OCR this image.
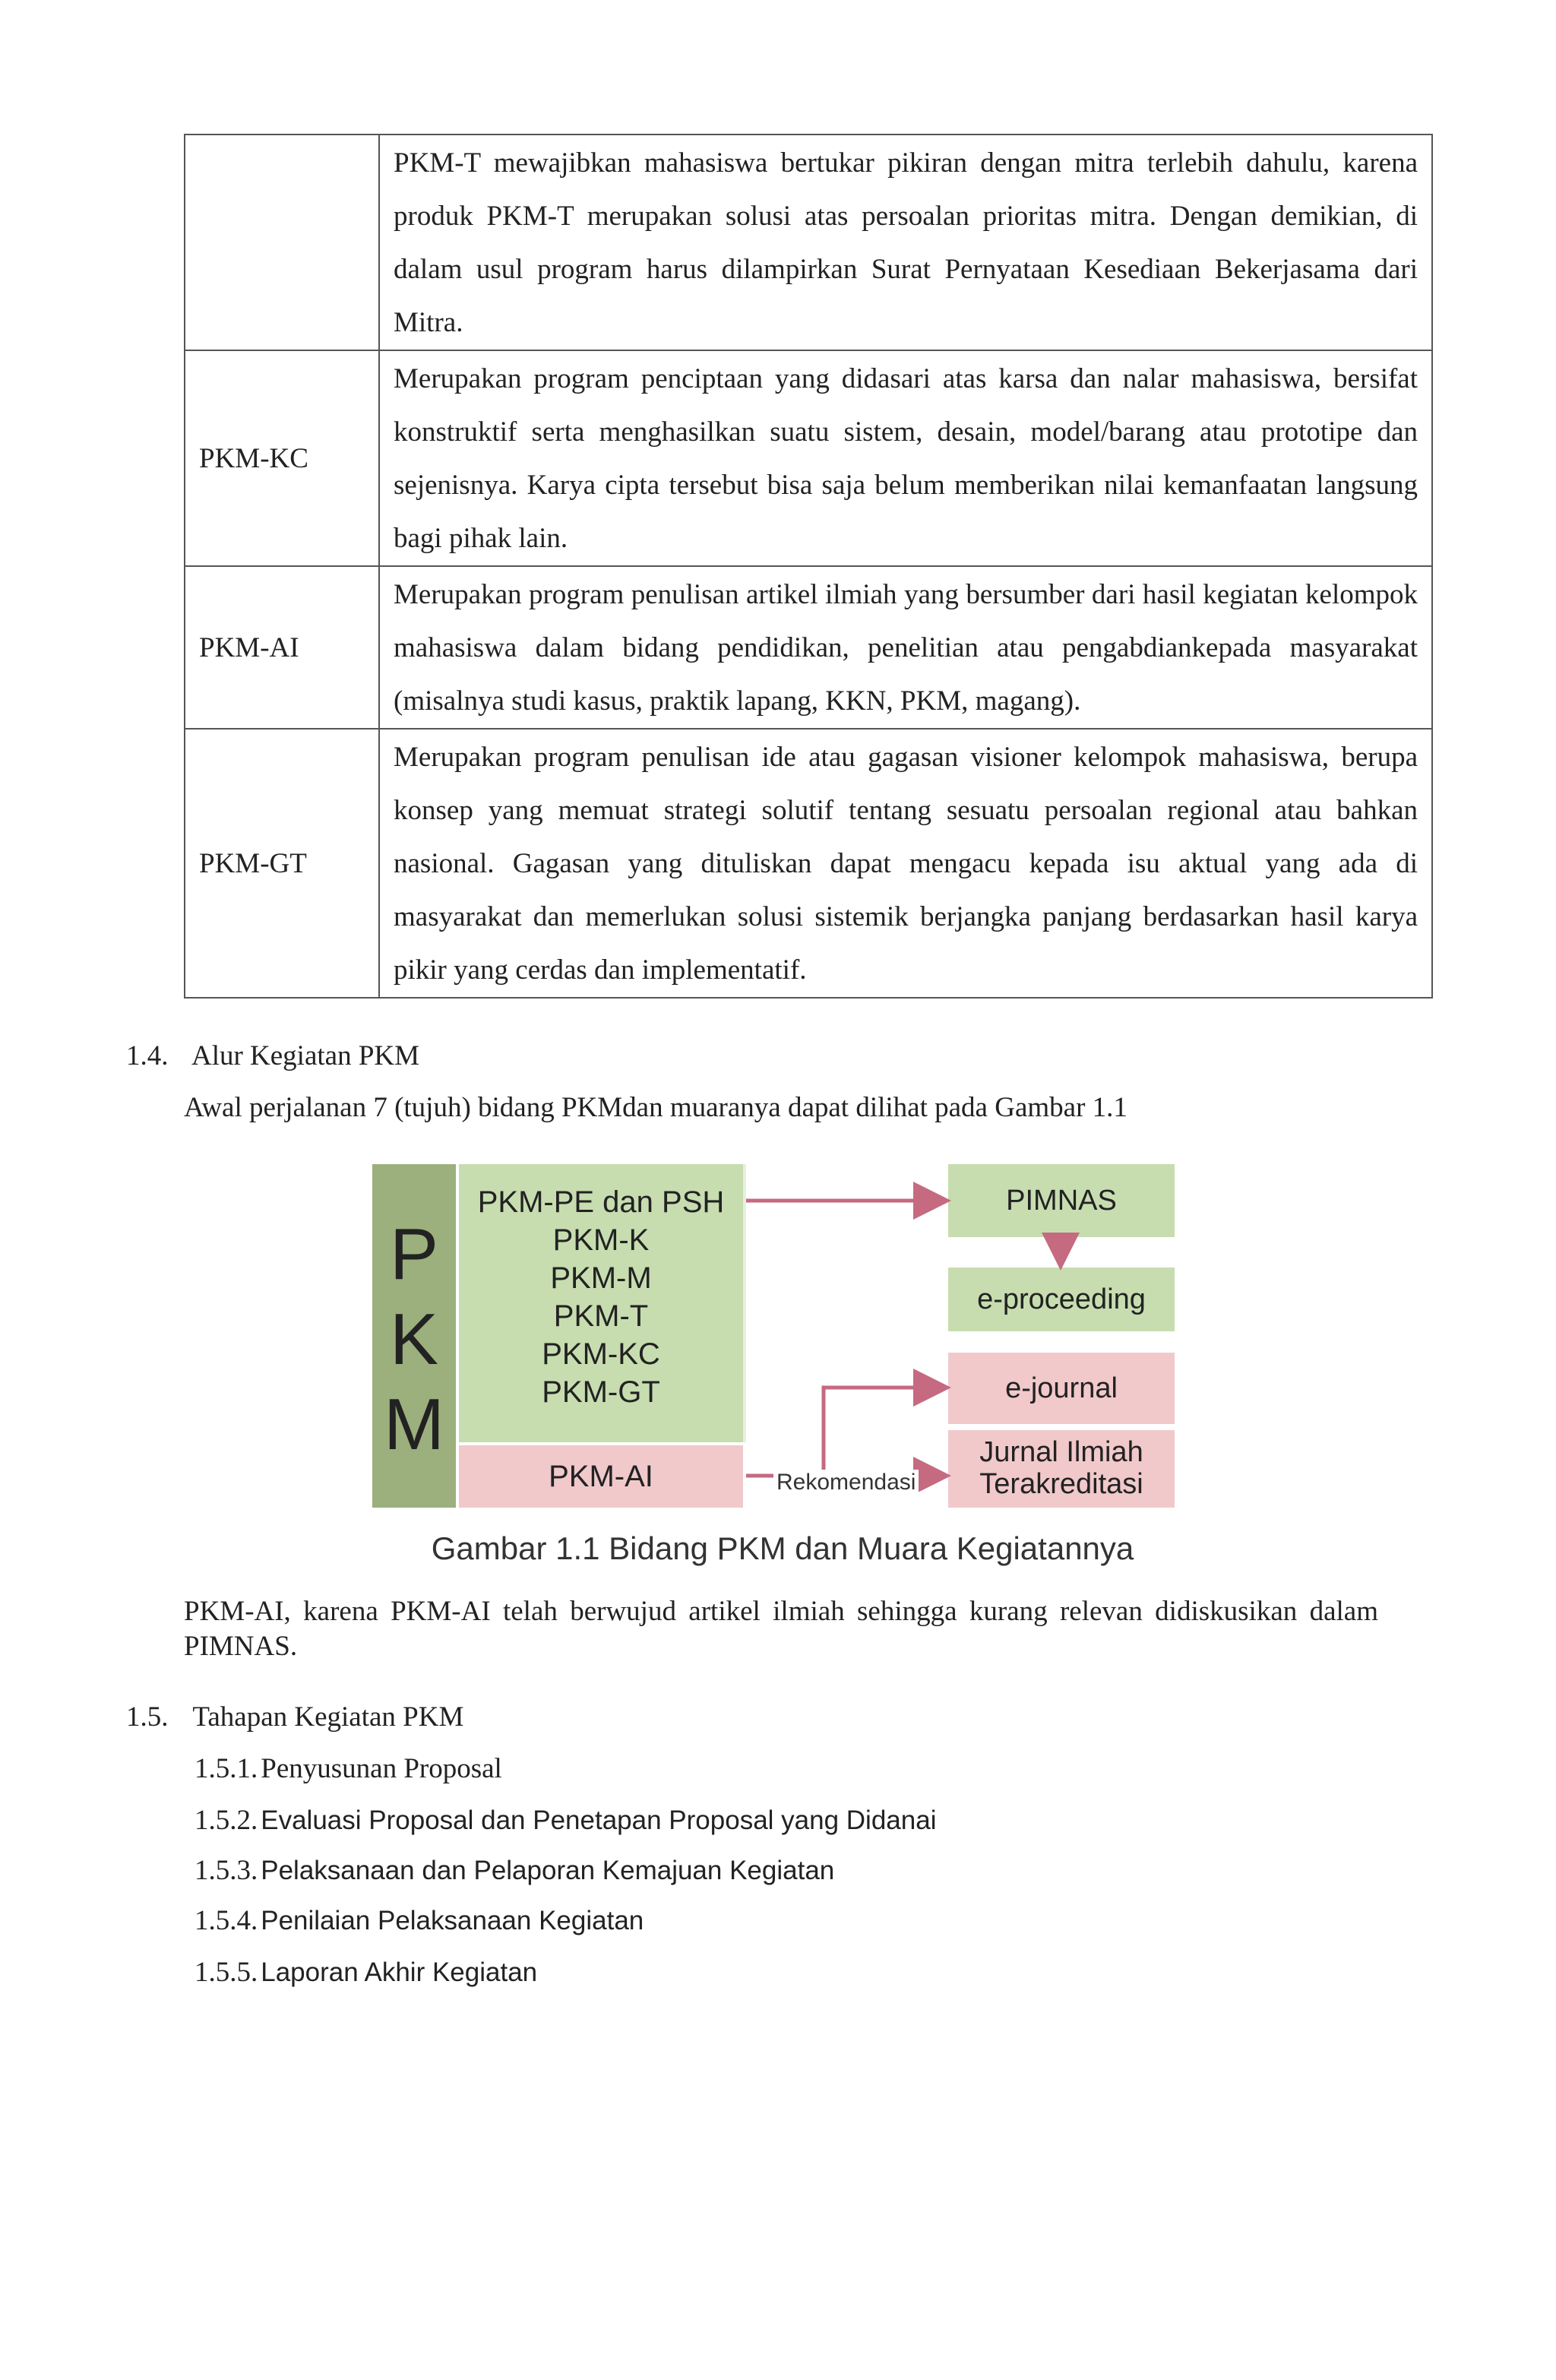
	PKM-T mewajibkan mahasiswa bertukar pikiran dengan mitra terlebih dahulu, karena produk PKM-T merupakan solusi atas persoalan prioritas mitra. Dengan demikian, di dalam usul program harus dilampirkan Surat Pernyataan Kesediaan Bekerjasama dari Mitra.
PKM-KC	Merupakan program penciptaan yang didasari atas karsa dan nalar mahasiswa, bersifat konstruktif serta menghasilkan suatu sistem, desain, model/barang atau prototipe dan sejenisnya. Karya cipta tersebut bisa saja belum memberikan nilai kemanfaatan langsung bagi pihak lain.
PKM-AI	Merupakan program penulisan artikel ilmiah yang bersumber dari hasil kegiatan kelompok mahasiswa dalam bidang pendidikan, penelitian atau pengabdiankepada masyarakat (misalnya studi kasus, praktik lapang, KKN, PKM, magang).
PKM-GT	Merupakan program penulisan ide atau gagasan visioner kelompok mahasiswa, berupa konsep yang memuat strategi solutif tentang sesuatu persoalan regional atau bahkan nasional. Gagasan yang dituliskan dapat mengacu kepada isu aktual yang ada di masyarakat dan memerlukan solusi sistemik berjangka panjang berdasarkan hasil karya pikir yang cerdas dan implementatif.
1.4. Alur Kegiatan PKM
Awal perjalanan 7 (tujuh) bidang PKMdan muaranya dapat dilihat pada Gambar 1.1
P
K
M
PKM-PE dan PSH
PKM-K
PKM-M
PKM-T
PKM-KC
PKM-GT
PKM-AI
PIMNAS
e-proceeding
e-journal
Jurnal Ilmiah
Terakreditasi
Rekomendasi
Gambar 1.1 Bidang PKM dan Muara Kegiatannya
PKM-AI, karena PKM-AI telah berwujud artikel ilmiah sehingga kurang relevan didiskusikan dalam PIMNAS.
1.5. Tahapan Kegiatan PKM
1.5.1. Penyusunan Proposal
1.5.2. Evaluasi Proposal dan Penetapan Proposal yang Didanai
1.5.3. Pelaksanaan dan Pelaporan Kemajuan Kegiatan
1.5.4. Penilaian Pelaksanaan Kegiatan
1.5.5. Laporan Akhir Kegiatan
